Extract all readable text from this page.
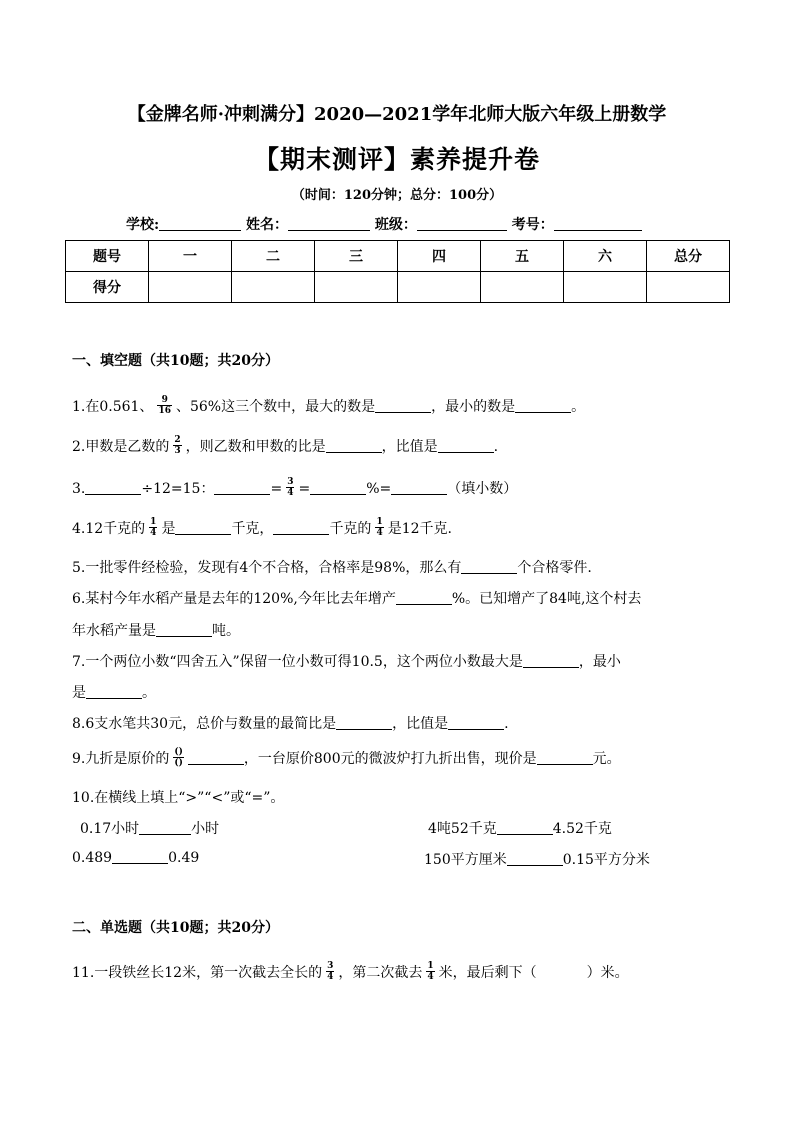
【金牌名师·冲刺满分】2020—2021学年北师大版六年级上册数学
【期末测评】素养提升卷
（时间：120分钟；总分：100分）
学校:	姓名：	班级：	考号：
题号	一	二	三	四	五	六	总分
得分							
一、填空题（共10题；共20分）
1.在0.561、 $\frac{9}{16}$ 、56%这三个数中，最大的数是	，最小的数是	。
2.甲数是乙数的 $\frac{2}{3}$ ，则乙数和甲数的比是	，比值是	.
3.	÷12=15：	= $\frac{3}{4}$ =	%=	（填小数）
4.12千克的 $\frac{1}{4}$ 是	千克，	千克的 $\frac{1}{4}$ 是12千克.
5.一批零件经检验，发现有4个不合格，合格率是98%，那么有	个合格零件.
6.某村今年水稻产量是去年的120%,今年比去年增产	%。已知增产了84吨,这个村去
年水稻产量是	吨。
7.一个两位小数“四舍五入”保留一位小数可得10.5，这个两位小数最大是	，最小
是	。
8.6支水笔共30元，总价与数量的最简比是	，比值是	.
9.九折是原价的 $\frac{()}{()}$	，一台原价800元的微波炉打九折出售，现价是	元。
10.在横线上填上“>”“<”或“=”。
0.17小时	小时	4吨52千克	4.52千克
0.489	0.49	150平方厘米	0.15平方分米
二、单选题（共10题；共20分）
11.一段铁丝长12米，第一次截去全长的 $\frac{3}{4}$ ，第二次截去 $\frac{1}{4}$ 米，最后剩下（	）米。
